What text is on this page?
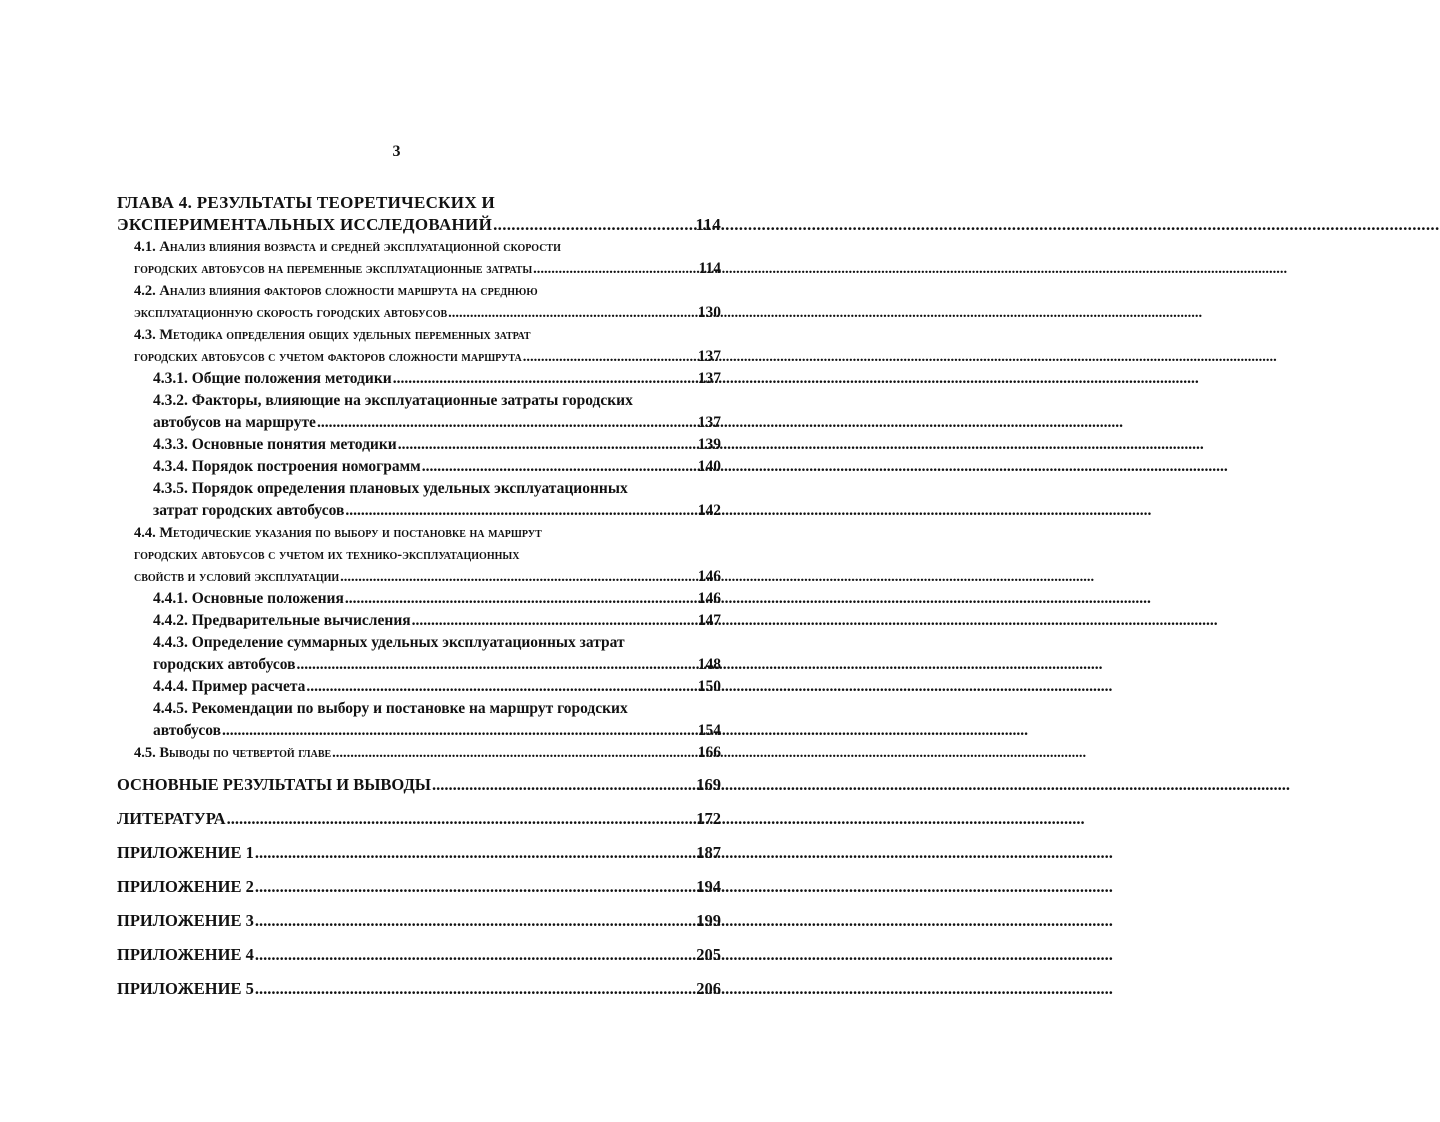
3
ГЛАВА 4. РЕЗУЛЬТАТЫ ТЕОРЕТИЧЕСКИХ И
ЭКСПЕРИМЕНТАЛЬНЫХ ИССЛЕДОВАНИЙ .....	114
4.1. Анализ влияния возраста и средней эксплуатационной скорости
городских автобусов на переменные эксплуатационные затраты .....	114
4.2. Анализ влияния факторов сложности маршрута на среднюю
эксплуатационную скорость городских автобусов .....	130
4.3. Методика определения общих удельных переменных затрат
городских автобусов с учетом факторов сложности маршрута .....	137
4.3.1. Общие положения методики .....	137
4.3.2. Факторы, влияющие на эксплуатационные затраты городских
автобусов на маршруте .....	137
4.3.3. Основные понятия методики .....	139
4.3.4. Порядок построения номограмм .....	140
4.3.5. Порядок определения плановых удельных эксплуатационных
затрат городских автобусов .....	142
4.4. Методические указания по выбору и постановке на маршрут
городских автобусов с учетом их технико-эксплуатационных
свойств и условий эксплуатации .....	146
4.4.1. Основные положения .....	146
4.4.2. Предварительные вычисления .....	147
4.4.3. Определение суммарных удельных эксплуатационных затрат
городских автобусов .....	148
4.4.4. Пример расчета .....	150
4.4.5. Рекомендации по выбору и постановке на маршрут городских
автобусов .....	154
4.5. Выводы по четвертой главе .....	166
ОСНОВНЫЕ РЕЗУЛЬТАТЫ И ВЫВОДЫ .....	169
ЛИТЕРАТУРА .....	172
ПРИЛОЖЕНИЕ 1 .....	187
ПРИЛОЖЕНИЕ 2 .....	194
ПРИЛОЖЕНИЕ 3 .....	199
ПРИЛОЖЕНИЕ 4 .....	205
ПРИЛОЖЕНИЕ 5 .....	206
